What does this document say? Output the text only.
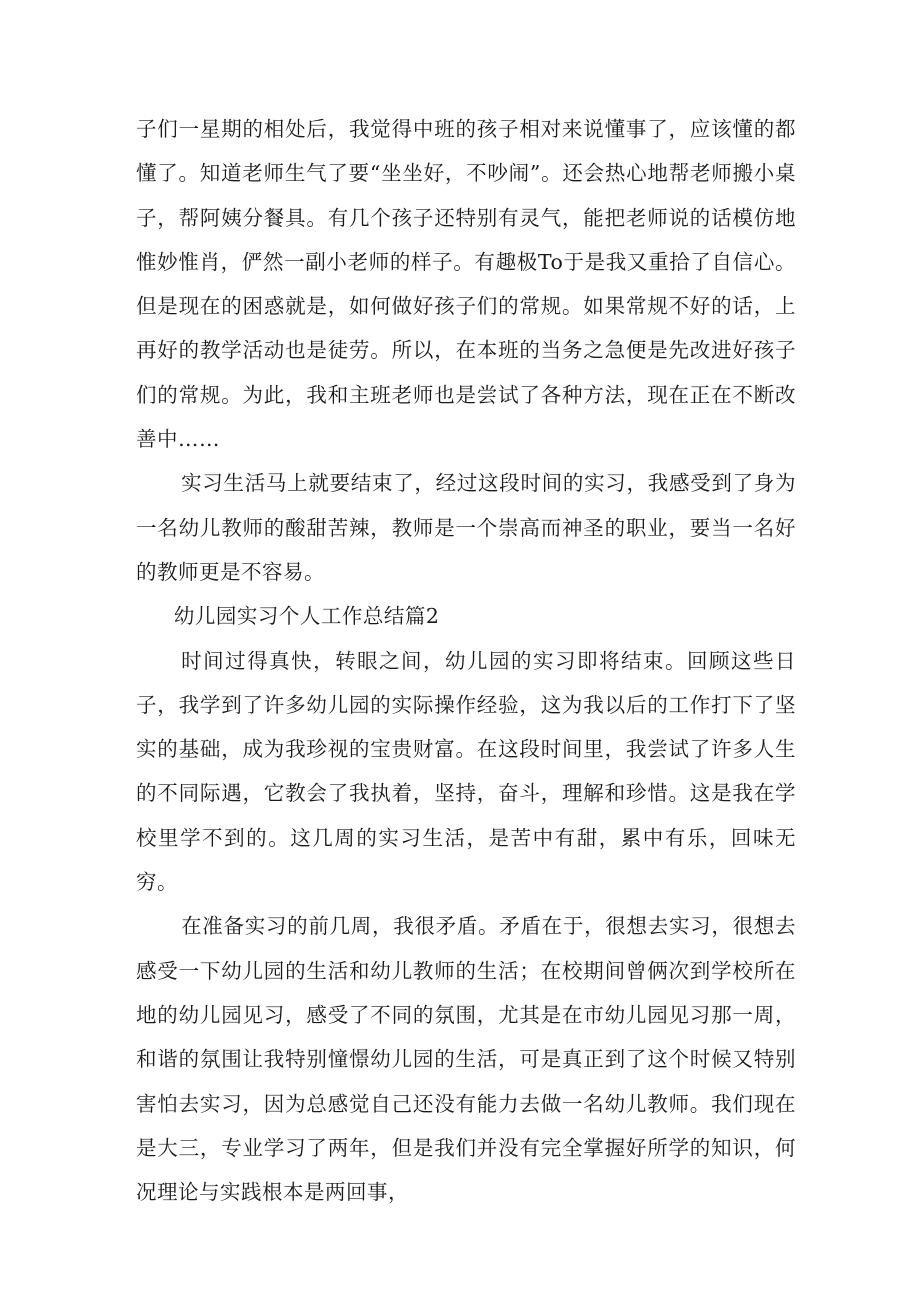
子们一星期的相处后，我觉得中班的孩子相对来说懂事了，应该懂的都懂了。知道老师生气了要“坐坐好，不吵闹”。还会热心地帮老师搬小桌子，帮阿姨分餐具。有几个孩子还特别有灵气，能把老师说的话模仿地惟妙惟肖，俨然一副小老师的样子。有趣极To于是我又重拾了自信心。但是现在的困惑就是，如何做好孩子们的常规。如果常规不好的话，上再好的教学活动也是徒劳。所以，在本班的当务之急便是先改进好孩子们的常规。为此，我和主班老师也是尝试了各种方法，现在正在不断改善中……

实习生活马上就要结束了，经过这段时间的实习，我感受到了身为一名幼儿教师的酸甜苦辣，教师是一个崇高而神圣的职业，要当一名好的教师更是不容易。

幼儿园实习个人工作总结篇2

时间过得真快，转眼之间，幼儿园的实习即将结束。回顾这些日子，我学到了许多幼儿园的实际操作经验，这为我以后的工作打下了坚实的基础，成为我珍视的宝贵财富。在这段时间里，我尝试了许多人生的不同际遇，它教会了我执着，坚持，奋斗，理解和珍惜。这是我在学校里学不到的。这几周的实习生活，是苦中有甜，累中有乐，回味无穷。

在准备实习的前几周，我很矛盾。矛盾在于，很想去实习，很想去感受一下幼儿园的生活和幼儿教师的生活；在校期间曾俩次到学校所在地的幼儿园见习，感受了不同的氛围，尤其是在市幼儿园见习那一周，和谐的氛围让我特别憧憬幼儿园的生活，可是真正到了这个时候又特别害怕去实习，因为总感觉自己还没有能力去做一名幼儿教师。我们现在是大三，专业学习了两年，但是我们并没有完全掌握好所学的知识，何况理论与实践根本是两回事，
